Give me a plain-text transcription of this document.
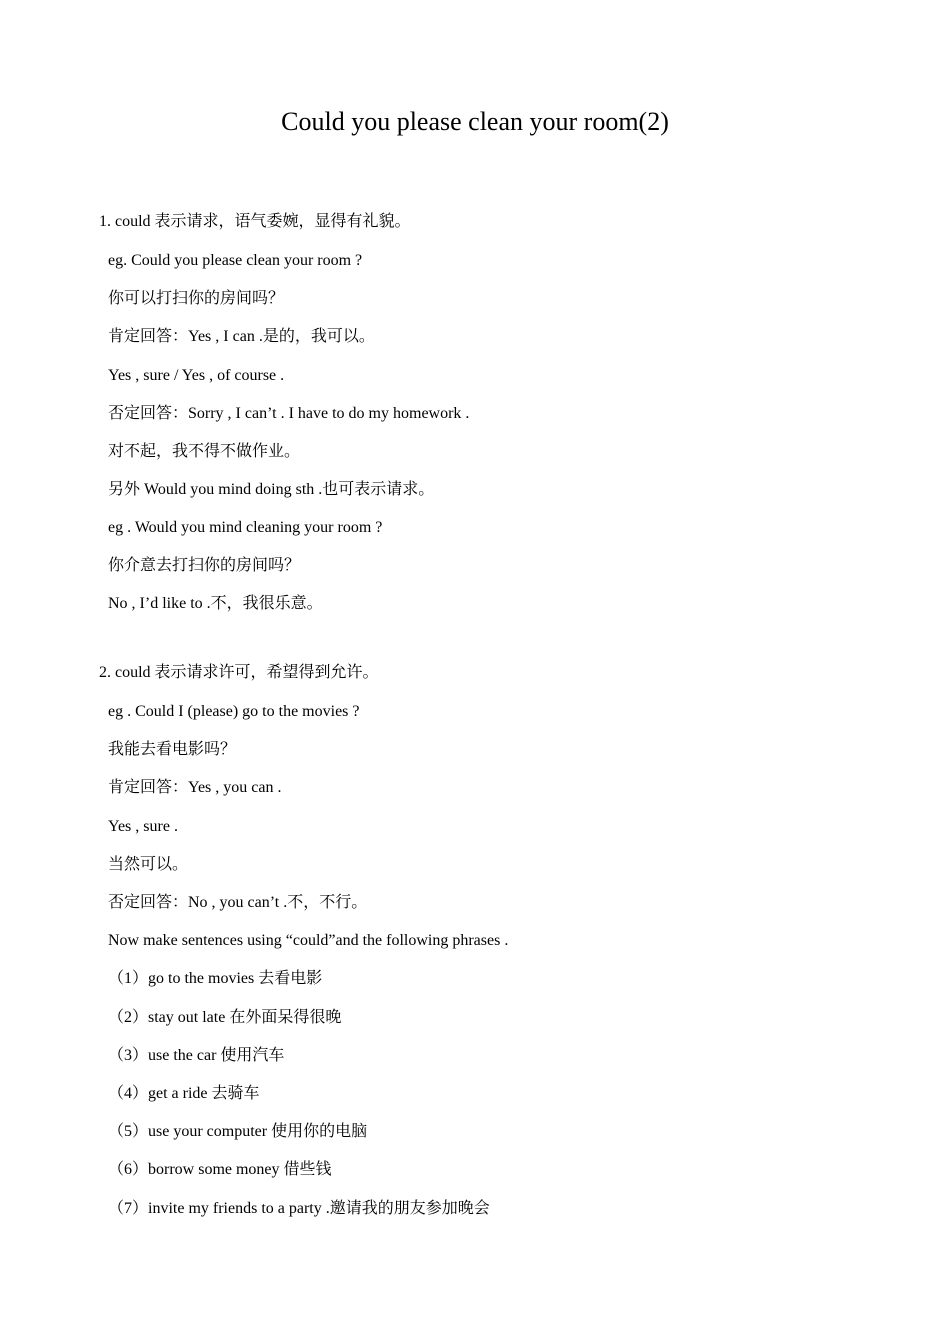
Could you please clean your room(2)
1. could 表示请求，语气委婉，显得有礼貌。
eg. Could you please clean your room ?
你可以打扫你的房间吗？
肯定回答：Yes , I can .是的，我可以。
Yes , sure / Yes , of course .
否定回答：Sorry , I can’t . I have to do my homework .
对不起，我不得不做作业。
另外 Would you mind doing sth .也可表示请求。
eg . Would you mind cleaning your room ?
你介意去打扫你的房间吗？
No , I’d like to .不，我很乐意。
2. could 表示请求许可，希望得到允许。
eg . Could I (please) go to the movies ?
我能去看电影吗？
肯定回答：Yes , you can .
Yes , sure .
当然可以。
否定回答：No , you can’t .不，不行。
Now make sentences using “could”and the following phrases .
（1）go to the movies 去看电影
（2）stay out late 在外面呆得很晚
（3）use the car 使用汽车
（4）get a ride 去骑车
（5）use your computer 使用你的电脑
（6）borrow some money 借些钱
（7）invite my friends to a party .邀请我的朋友参加晚会
